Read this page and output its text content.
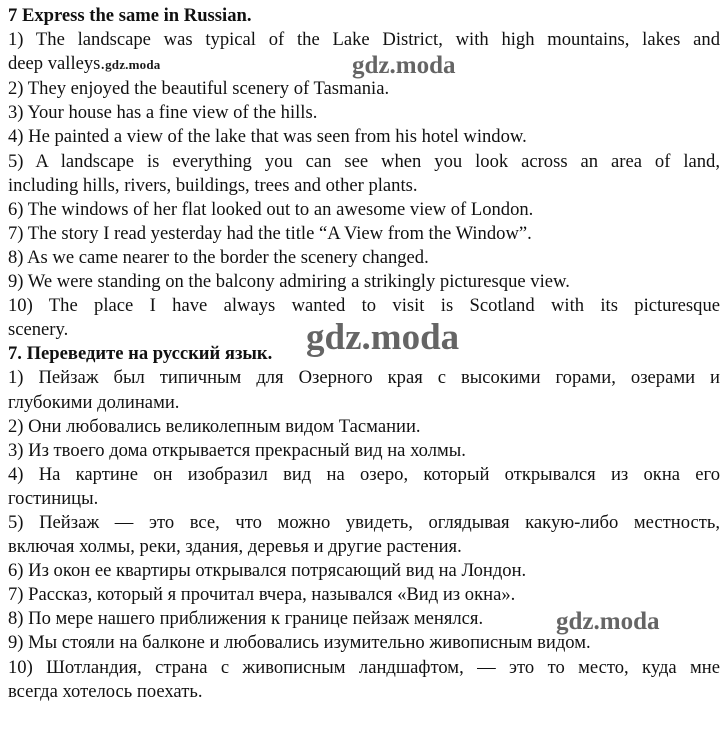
7 Express the same in Russian.
1) The landscape was typical of the Lake District, with high mountains, lakes and
deep valleys.gdz.moda
2) They enjoyed the beautiful scenery of Tasmania.
3) Your house has a fine view of the hills.
4) He painted a view of the lake that was seen from his hotel window.
5) A landscape is everything you can see when you look across an area of land,
including hills, rivers, buildings, trees and other plants.
6) The windows of her flat looked out to an awesome view of London.
7) The story I read yesterday had the title “A View from the Window”.
8) As we came nearer to the border the scenery changed.
9) We were standing on the balcony admiring a strikingly picturesque view.
10) The place I have always wanted to visit is Scotland with its picturesque
scenery.
7. Переведите на русский язык.
1) Пейзаж был типичным для Озерного края с высокими горами, озерами и
глубокими долинами.
2) Они любовались великолепным видом Тасмании.
3) Из твоего дома открывается прекрасный вид на холмы.
4) На картине он изобразил вид на озеро, который открывался из окна его
гостиницы.
5) Пейзаж — это все, что можно увидеть, оглядывая какую-либо местность,
включая холмы, реки, здания, деревья и другие растения.
6) Из окон ее квартиры открывался потрясающий вид на Лондон.
7) Рассказ, который я прочитал вчера, назывался «Вид из окна».
8) По мере нашего приближения к границе пейзаж менялся.
9) Мы стояли на балконе и любовались изумительно живописным видом.
10) Шотландия, страна с живописным ландшафтом, — это то место, куда мне
всегда хотелось поехать.
gdz.moda
gdz.moda
gdz.moda
